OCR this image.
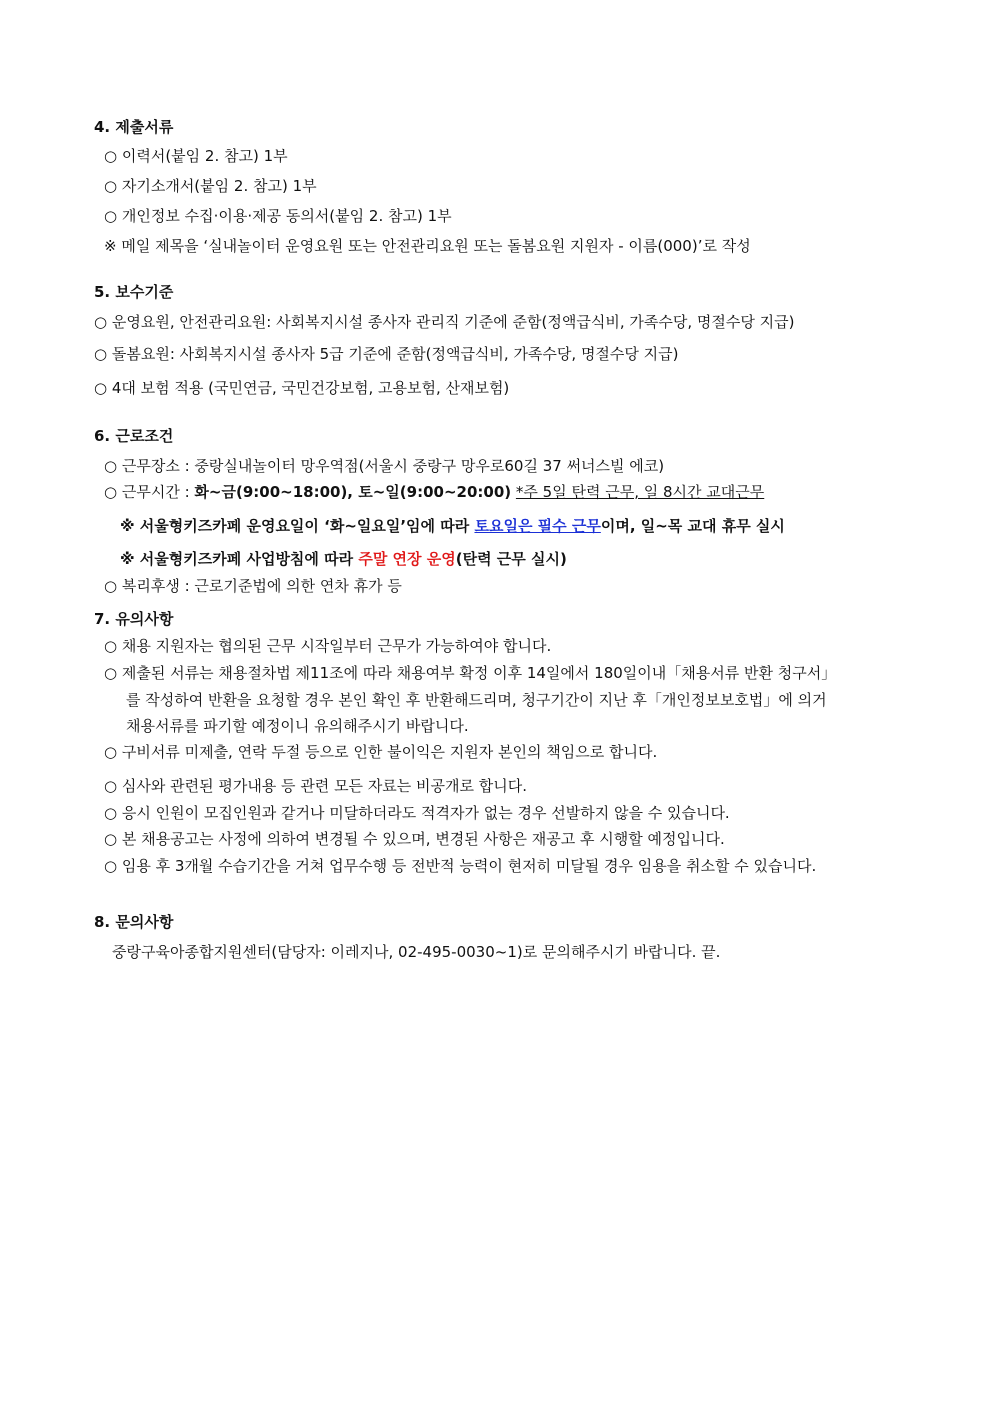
4. 제출서류
○ 이력서(붙임 2. 참고) 1부
○ 자기소개서(붙임 2. 참고) 1부
○ 개인정보 수집·이용·제공 동의서(붙임 2. 참고) 1부
※ 메일 제목을 ‘실내놀이터 운영요원 또는 안전관리요원 또는 돌봄요원 지원자 - 이름(000)’로 작성
5. 보수기준
○ 운영요원, 안전관리요원: 사회복지시설 종사자 관리직 기준에 준함(정액급식비, 가족수당, 명절수당 지급)
○ 돌봄요원: 사회복지시설 종사자 5급 기준에 준함(정액급식비, 가족수당, 명절수당 지급)
○ 4대 보험 적용 (국민연금, 국민건강보험, 고용보험, 산재보험)
6. 근로조건
○ 근무장소 : 중랑실내놀이터 망우역점(서울시 중랑구 망우로60길 37 써너스빌 에코)
○ 근무시간 : 화~금(9:00~18:00), 토~일(9:00~20:00) *주 5일 탄력 근무, 일 8시간 교대근무
※ 서울형키즈카페 운영요일이 ‘화~일요일’임에 따라 토요일은 필수 근무이며, 일~목 교대 휴무 실시
※ 서울형키즈카페 사업방침에 따라 주말 연장 운영(탄력 근무 실시)
○ 복리후생 : 근로기준법에 의한 연차 휴가 등
7. 유의사항
○ 채용 지원자는 협의된 근무 시작일부터 근무가 가능하여야 합니다.
○ 제출된 서류는 채용절차법 제11조에 따라 채용여부 확정 이후 14일에서 180일이내「채용서류 반환 청구서」
를 작성하여 반환을 요청할 경우 본인 확인 후 반환해드리며, 청구기간이 지난 후「개인정보보호법」에 의거
채용서류를 파기할 예정이니 유의해주시기 바랍니다.
○ 구비서류 미제출, 연락 두절 등으로 인한 불이익은 지원자 본인의 책임으로 합니다.
○ 심사와 관련된 평가내용 등 관련 모든 자료는 비공개로 합니다.
○ 응시 인원이 모집인원과 같거나 미달하더라도 적격자가 없는 경우 선발하지 않을 수 있습니다.
○ 본 채용공고는 사정에 의하여 변경될 수 있으며, 변경된 사항은 재공고 후 시행할 예정입니다.
○ 임용 후 3개월 수습기간을 거쳐 업무수행 등 전반적 능력이 현저히 미달될 경우 임용을 취소할 수 있습니다.
8. 문의사항
중랑구육아종합지원센터(담당자: 이레지나, 02-495-0030~1)로 문의해주시기 바랍니다. 끝.
